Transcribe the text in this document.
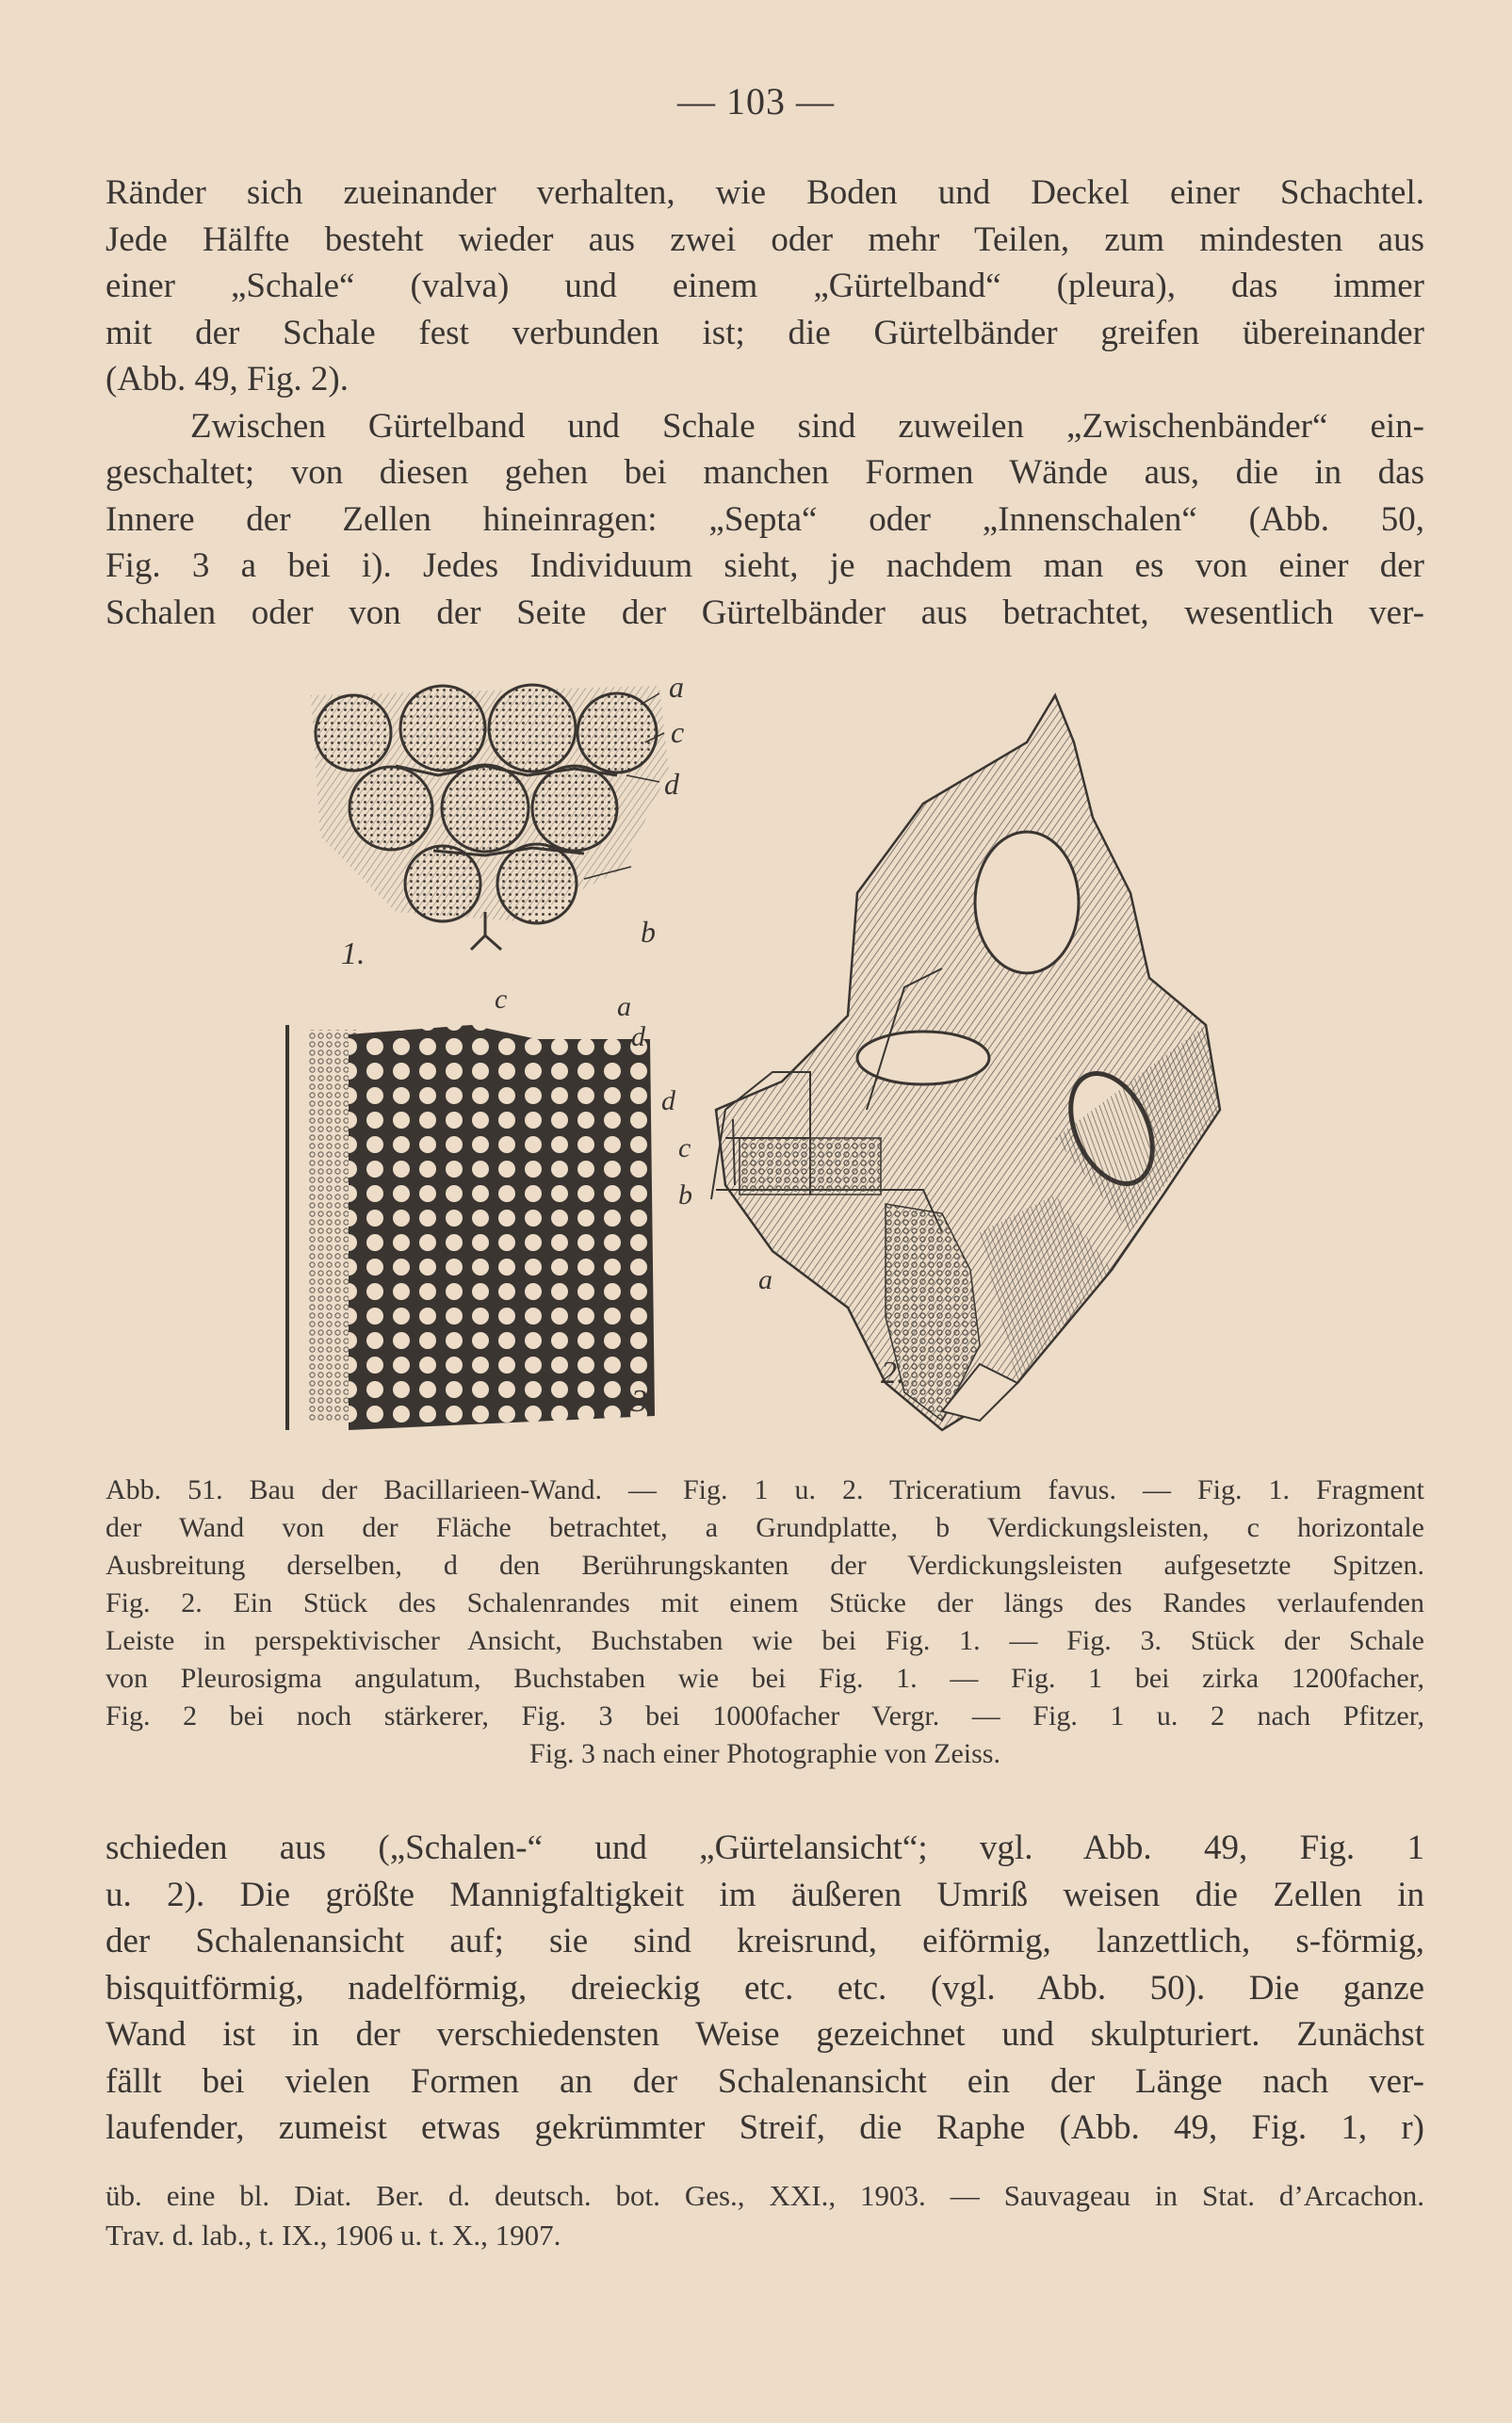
— 103 —
Ränder sich zueinander verhalten, wie Boden und Deckel einer Schachtel.
Jede Hälfte besteht wieder aus zwei oder mehr Teilen, zum mindesten aus
einer „Schale“ (valva) und einem „Gürtelband“ (pleura), das immer
mit der Schale fest verbunden ist; die Gürtelbänder greifen übereinander
(Abb. 49, Fig. 2).
Zwischen Gürtelband und Schale sind zuweilen „Zwischenbänder“ ein-
geschaltet; von diesen gehen bei manchen Formen Wände aus, die in das
Innere der Zellen hineinragen: „Septa“ oder „Innenschalen“ (Abb. 50,
Fig. 3 a bei i). Jedes Individuum sieht, je nachdem man es von einer der
Schalen oder von der Seite der Gürtelbänder aus betrachtet, wesentlich ver-
a
c
d
b
1.
c	a
d
3.
d
c
b
a
2.
Abb. 51. Bau der Bacillarieen-Wand. — Fig. 1 u. 2. Triceratium favus. — Fig. 1. Fragment
der Wand von der Fläche betrachtet, a Grundplatte, b Verdickungsleisten, c horizontale
Ausbreitung derselben, d den Berührungskanten der Verdickungsleisten aufgesetzte Spitzen.
Fig. 2. Ein Stück des Schalenrandes mit einem Stücke der längs des Randes verlaufenden
Leiste in perspektivischer Ansicht, Buchstaben wie bei Fig. 1. — Fig. 3. Stück der Schale
von Pleurosigma angulatum, Buchstaben wie bei Fig. 1. — Fig. 1 bei zirka 1200facher,
Fig. 2 bei noch stärkerer, Fig. 3 bei 1000facher Vergr. — Fig. 1 u. 2 nach Pfitzer,
Fig. 3 nach einer Photographie von Zeiss.
schieden aus („Schalen-“ und „Gürtelansicht“; vgl. Abb. 49, Fig. 1
u. 2). Die größte Mannigfaltigkeit im äußeren Umriß weisen die Zellen in
der Schalenansicht auf; sie sind kreisrund, eiförmig, lanzettlich, s-förmig,
bisquitförmig, nadelförmig, dreieckig etc. etc. (vgl. Abb. 50). Die ganze
Wand ist in der verschiedensten Weise gezeichnet und skulpturiert. Zunächst
fällt bei vielen Formen an der Schalenansicht ein der Länge nach ver-
laufender, zumeist etwas gekrümmter Streif, die Raphe (Abb. 49, Fig. 1, r)
üb. eine bl. Diat. Ber. d. deutsch. bot. Ges., XXI., 1903. — Sauvageau in Stat. d’Arcachon.
Trav. d. lab., t. IX., 1906 u. t. X., 1907.
